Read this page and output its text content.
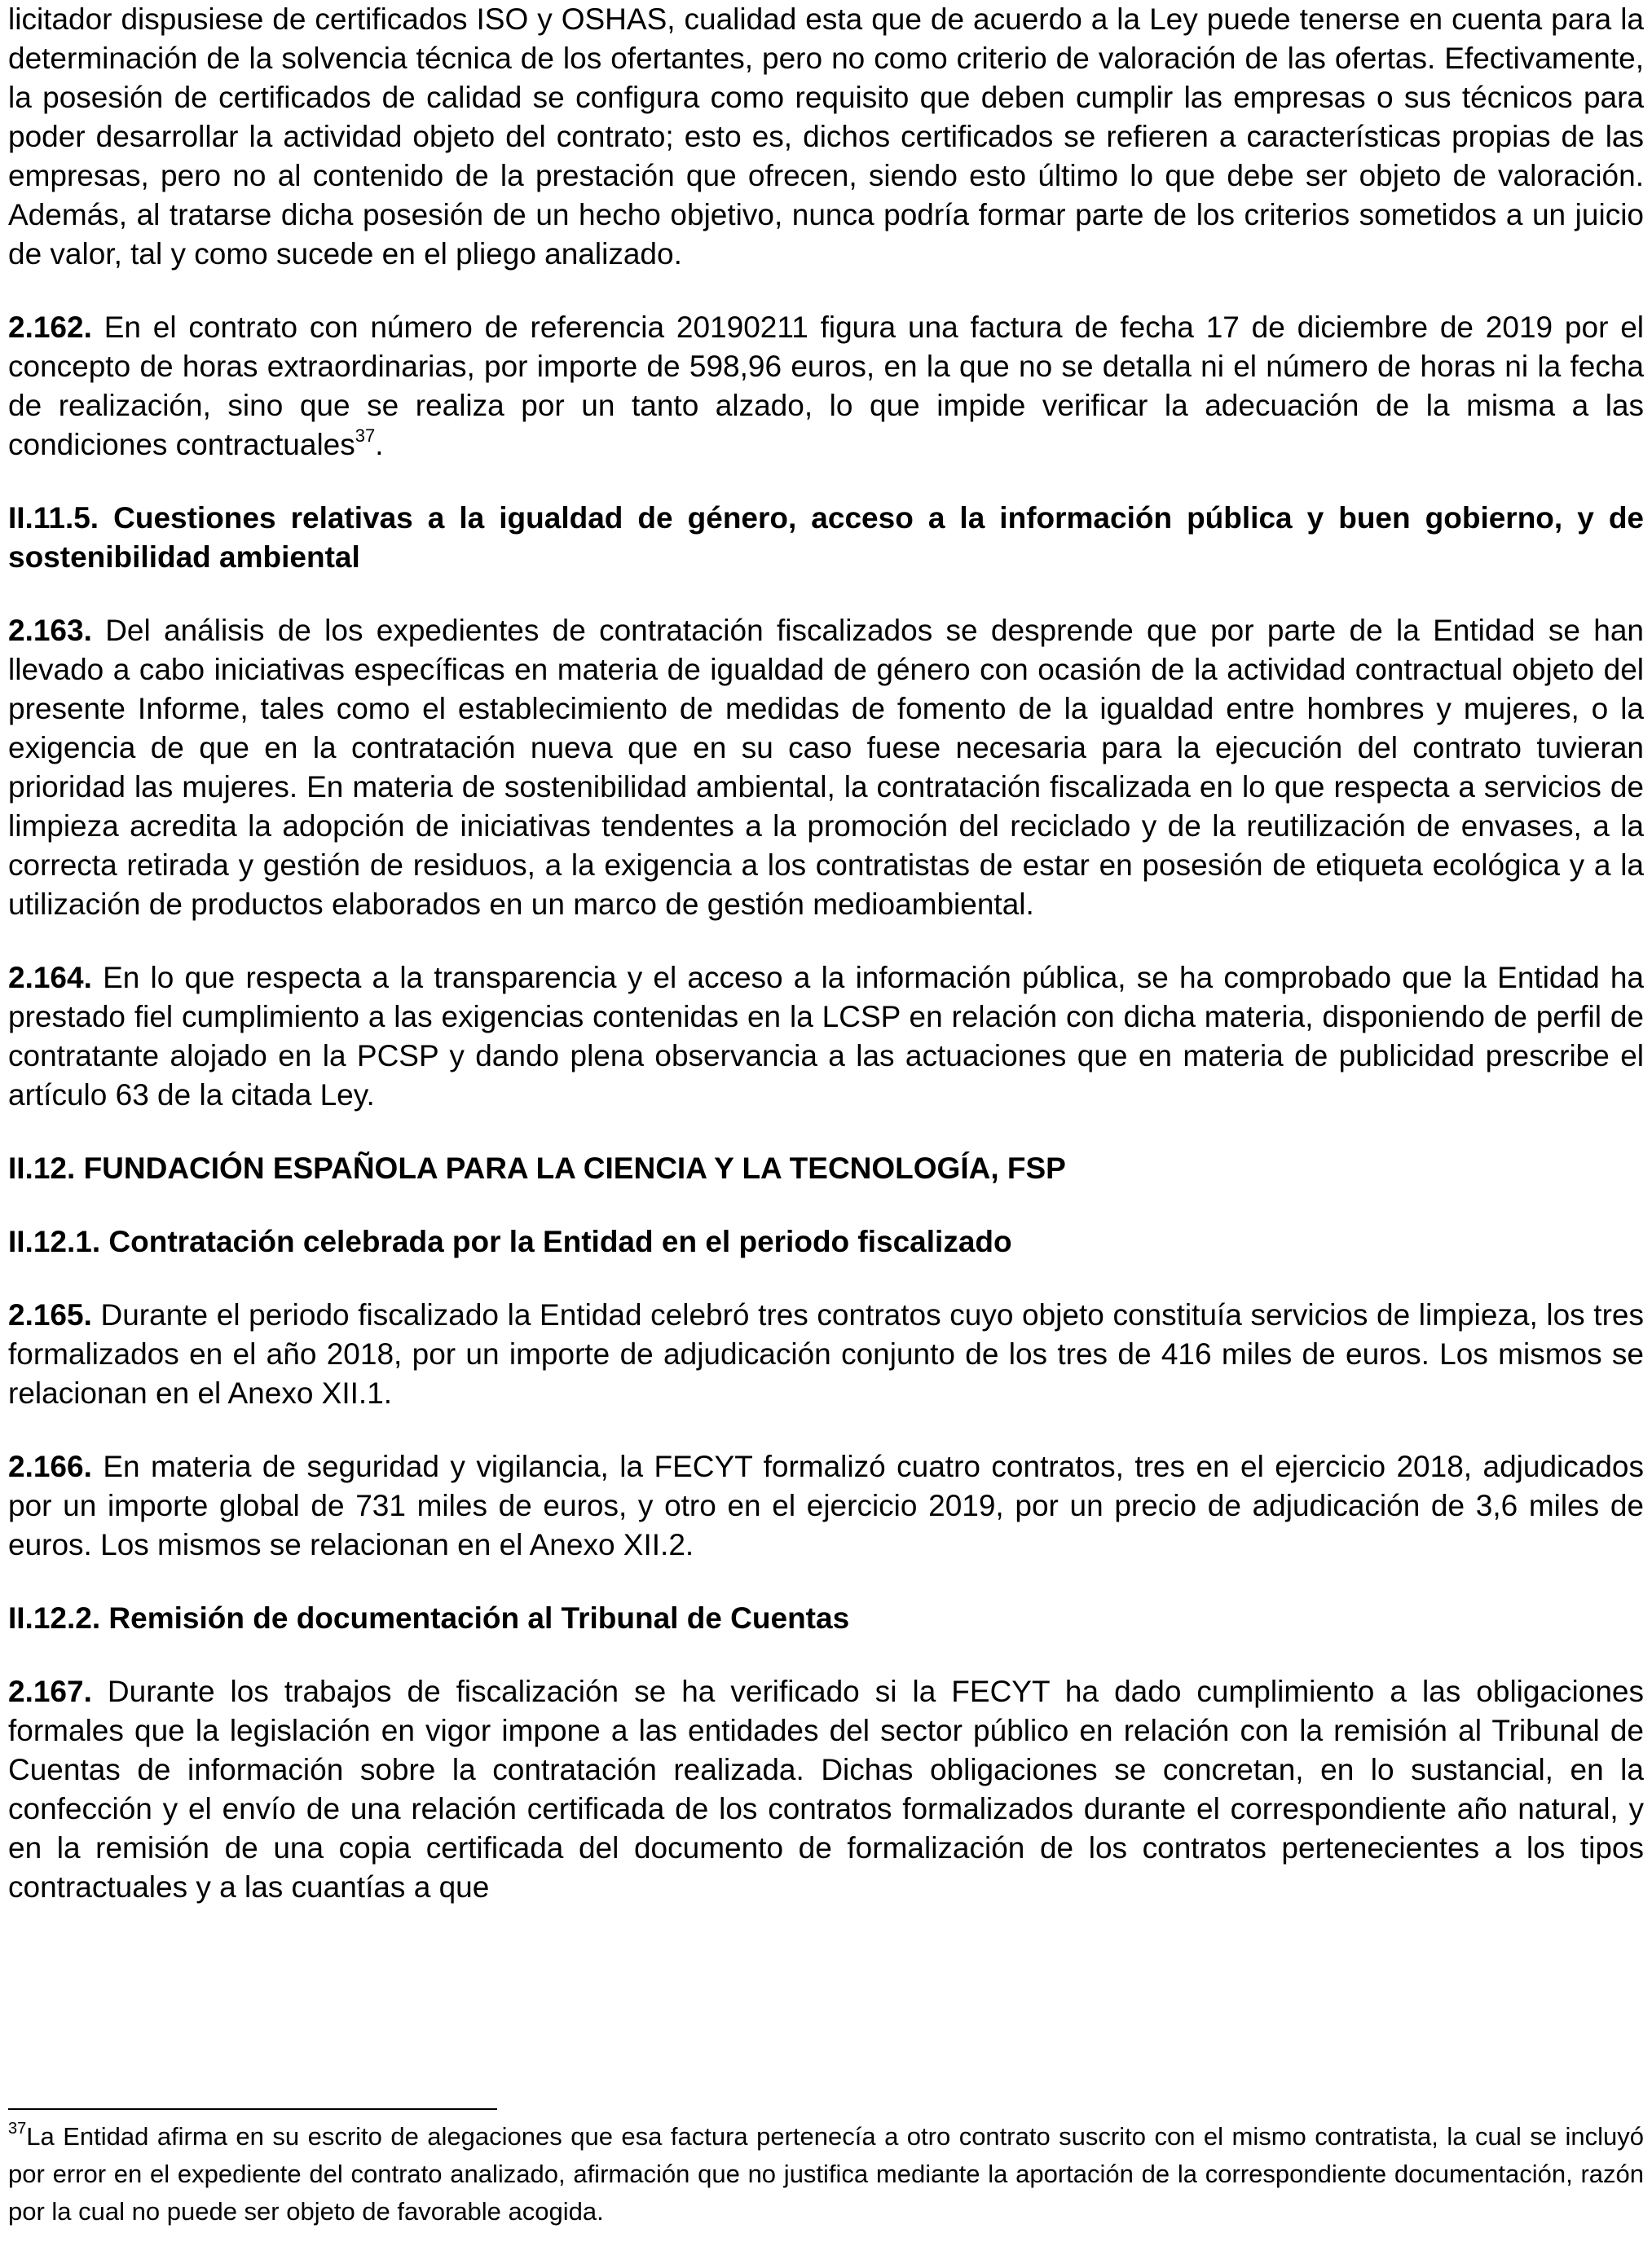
licitador dispusiese de certificados ISO y OSHAS, cualidad esta que de acuerdo a la Ley puede tenerse en cuenta para la determinación de la solvencia técnica de los ofertantes, pero no como criterio de valoración de las ofertas. Efectivamente, la posesión de certificados de calidad se configura como requisito que deben cumplir las empresas o sus técnicos para poder desarrollar la actividad objeto del contrato; esto es, dichos certificados se refieren a características propias de las empresas, pero no al contenido de la prestación que ofrecen, siendo esto último lo que debe ser objeto de valoración. Además, al tratarse dicha posesión de un hecho objetivo, nunca podría formar parte de los criterios sometidos a un juicio de valor, tal y como sucede en el pliego analizado.

2.162. En el contrato con número de referencia 20190211 figura una factura de fecha 17 de diciembre de 2019 por el concepto de horas extraordinarias, por importe de 598,96 euros, en la que no se detalla ni el número de horas ni la fecha de realización, sino que se realiza por un tanto alzado, lo que impide verificar la adecuación de la misma a las condiciones contractuales$^{37}$.

II.11.5. Cuestiones relativas a la igualdad de género, acceso a la información pública y buen gobierno, y de sostenibilidad ambiental

2.163. Del análisis de los expedientes de contratación fiscalizados se desprende que por parte de la Entidad se han llevado a cabo iniciativas específicas en materia de igualdad de género con ocasión de la actividad contractual objeto del presente Informe, tales como el establecimiento de medidas de fomento de la igualdad entre hombres y mujeres, o la exigencia de que en la contratación nueva que en su caso fuese necesaria para la ejecución del contrato tuvieran prioridad las mujeres. En materia de sostenibilidad ambiental, la contratación fiscalizada en lo que respecta a servicios de limpieza acredita la adopción de iniciativas tendentes a la promoción del reciclado y de la reutilización de envases, a la correcta retirada y gestión de residuos, a la exigencia a los contratistas de estar en posesión de etiqueta ecológica y a la utilización de productos elaborados en un marco de gestión medioambiental.

2.164. En lo que respecta a la transparencia y el acceso a la información pública, se ha comprobado que la Entidad ha prestado fiel cumplimiento a las exigencias contenidas en la LCSP en relación con dicha materia, disponiendo de perfil de contratante alojado en la PCSP y dando plena observancia a las actuaciones que en materia de publicidad prescribe el artículo 63 de la citada Ley.

II.12. FUNDACIÓN ESPAÑOLA PARA LA CIENCIA Y LA TECNOLOGÍA, FSP

II.12.1. Contratación celebrada por la Entidad en el periodo fiscalizado

2.165. Durante el periodo fiscalizado la Entidad celebró tres contratos cuyo objeto constituía servicios de limpieza, los tres formalizados en el año 2018, por un importe de adjudicación conjunto de los tres de 416 miles de euros. Los mismos se relacionan en el Anexo XII.1.

2.166. En materia de seguridad y vigilancia, la FECYT formalizó cuatro contratos, tres en el ejercicio 2018, adjudicados por un importe global de 731 miles de euros, y otro en el ejercicio 2019, por un precio de adjudicación de 3,6 miles de euros. Los mismos se relacionan en el Anexo XII.2.

II.12.2. Remisión de documentación al Tribunal de Cuentas

2.167. Durante los trabajos de fiscalización se ha verificado si la FECYT ha dado cumplimiento a las obligaciones formales que la legislación en vigor impone a las entidades del sector público en relación con la remisión al Tribunal de Cuentas de información sobre la contratación realizada. Dichas obligaciones se concretan, en lo sustancial, en la confección y el envío de una relación certificada de los contratos formalizados durante el correspondiente año natural, y en la remisión de una copia certificada del documento de formalización de los contratos pertenecientes a los tipos contractuales y a las cuantías a que

$^{37}$La Entidad afirma en su escrito de alegaciones que esa factura pertenecía a otro contrato suscrito con el mismo contratista, la cual se incluyó por error en el expediente del contrato analizado, afirmación que no justifica mediante la aportación de la correspondiente documentación, razón por la cual no puede ser objeto de favorable acogida.
